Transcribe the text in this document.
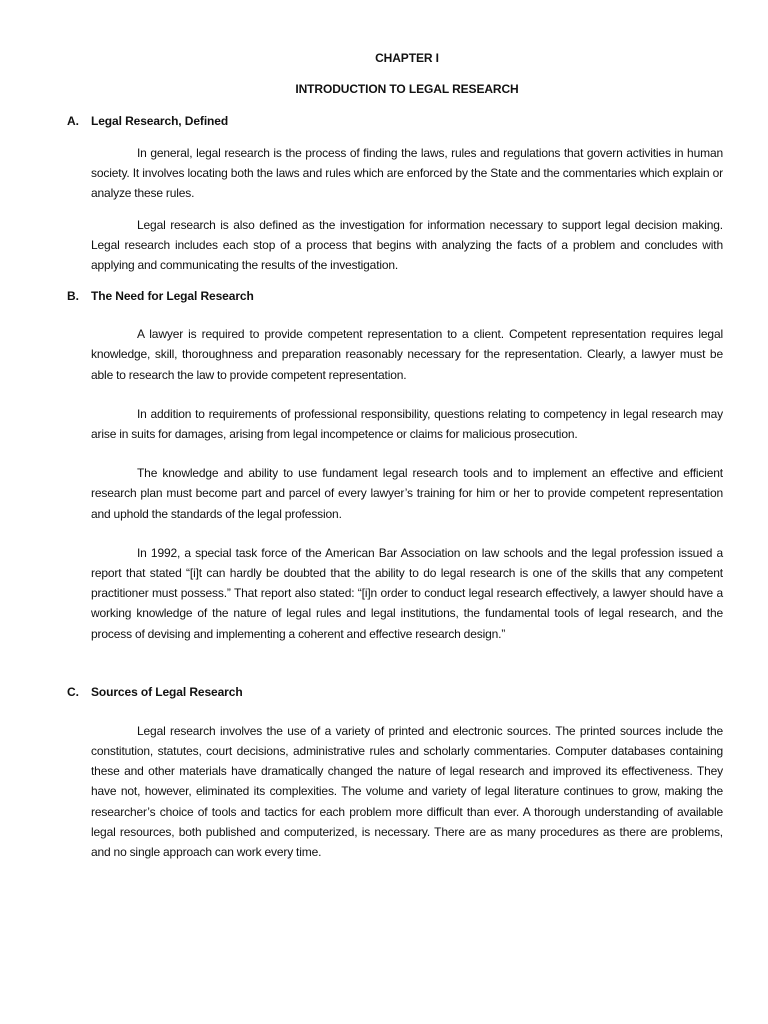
CHAPTER I

INTRODUCTION TO LEGAL RESEARCH

A.	Legal Research, Defined

In general, legal research is the process of finding the laws, rules and regulations that govern activities in human society. It involves locating both the laws and rules which are enforced by the State and the commentaries which explain or analyze these rules.

Legal research is also defined as the investigation for information necessary to support legal decision making. Legal research includes each stop of a process that begins with analyzing the facts of a problem and concludes with applying and communicating the results of the investigation.

B.	The Need for Legal Research

A lawyer is required to provide competent representation to a client. Competent representation requires legal knowledge, skill, thoroughness and preparation reasonably necessary for the representation. Clearly, a lawyer must be able to research the law to provide competent representation.

In addition to requirements of professional responsibility, questions relating to competency in legal research may arise in suits for damages, arising from legal incompetence or claims for malicious prosecution.

The knowledge and ability to use fundament legal research tools and to implement an effective and efficient research plan must become part and parcel of every lawyer’s training for him or her to provide competent representation and uphold the standards of the legal profession.

In 1992, a special task force of the American Bar Association on law schools and the legal profession issued a report that stated “[i]t can hardly be doubted that the ability to do legal research is one of the skills that any competent practitioner must possess.” That report also stated: “[i]n order to conduct legal research effectively, a lawyer should have a working knowledge of the nature of legal rules and legal institutions, the fundamental tools of legal research, and the process of devising and implementing a coherent and effective research design.”

C.	Sources of Legal Research

Legal research involves the use of a variety of printed and electronic sources. The printed sources include the constitution, statutes, court decisions, administrative rules and scholarly commentaries. Computer databases containing these and other materials have dramatically changed the nature of legal research and improved its effectiveness. They have not, however, eliminated its complexities. The volume and variety of legal literature continues to grow, making the researcher’s choice of tools and tactics for each problem more difficult than ever. A thorough understanding of available legal resources, both published and computerized, is necessary. There are as many procedures as there are problems, and no single approach can work every time.
